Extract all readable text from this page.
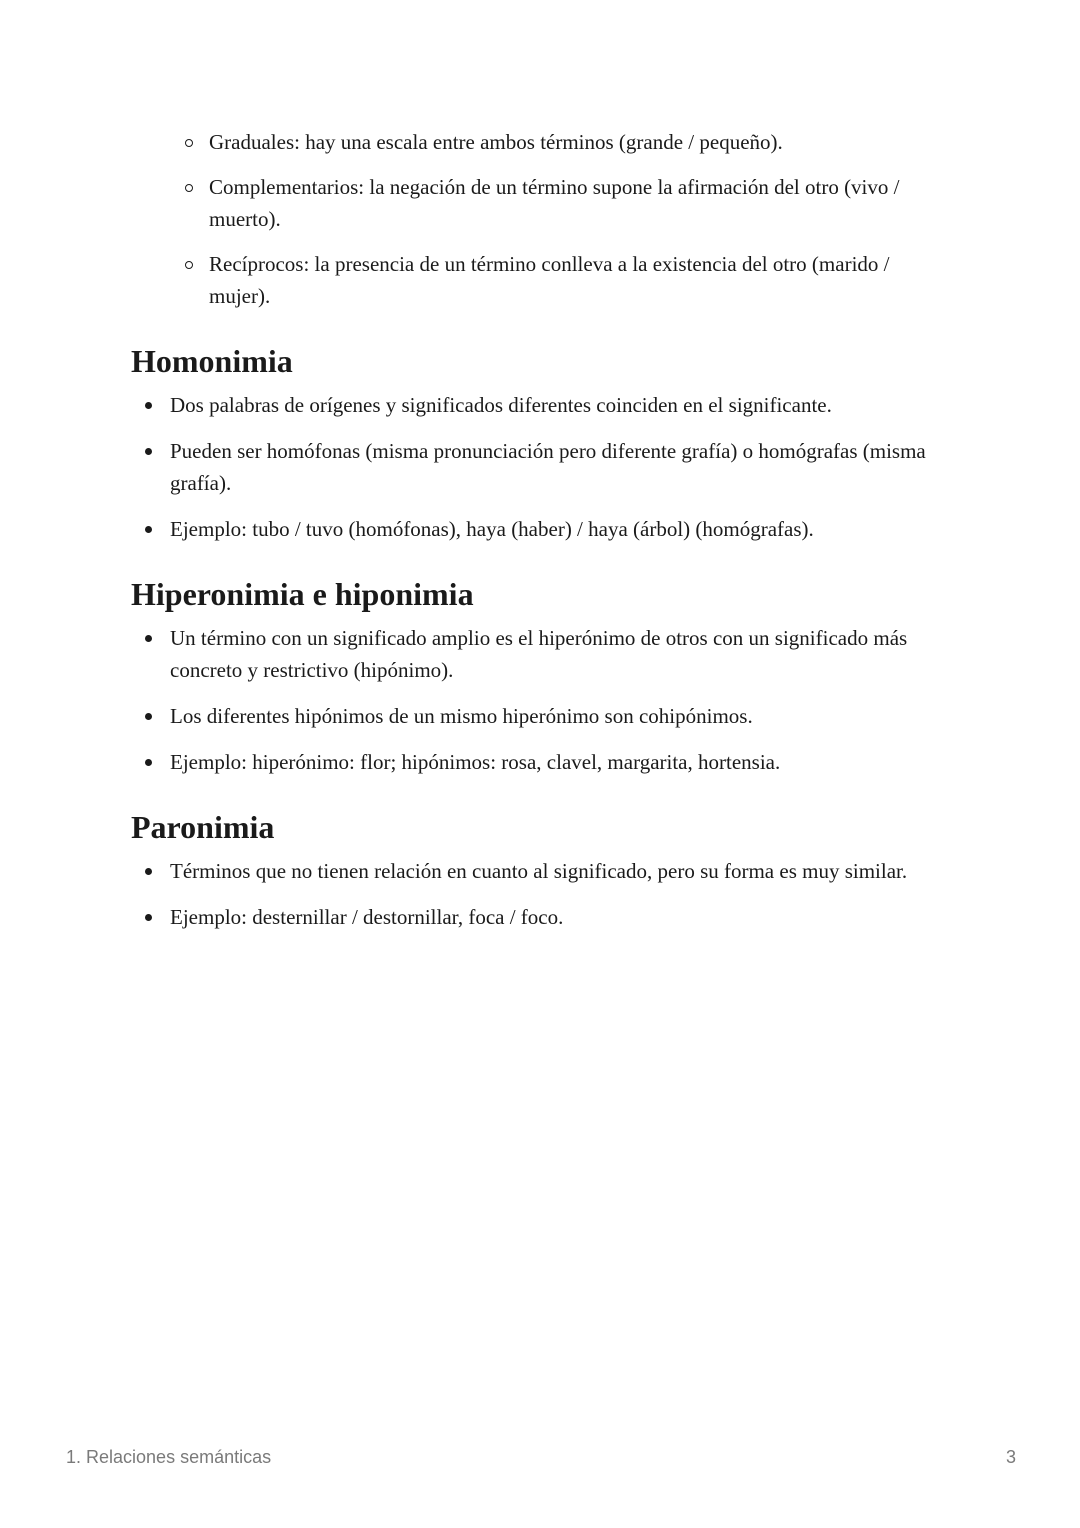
Graduales: hay una escala entre ambos términos (grande / pequeño).
Complementarios: la negación de un término supone la afirmación del otro (vivo / muerto).
Recíprocos: la presencia de un término conlleva a la existencia del otro (marido / mujer).
Homonimia
Dos palabras de orígenes y significados diferentes coinciden en el significante.
Pueden ser homófonas (misma pronunciación pero diferente grafía) o homógrafas (misma grafía).
Ejemplo: tubo / tuvo (homófonas), haya (haber) / haya (árbol) (homógrafas).
Hiperonimia e hiponimia
Un término con un significado amplio es el hiperónimo de otros con un significado más concreto y restrictivo (hipónimo).
Los diferentes hipónimos de un mismo hiperónimo son cohipónimos.
Ejemplo: hiperónimo: flor; hipónimos: rosa, clavel, margarita, hortensia.
Paronimia
Términos que no tienen relación en cuanto al significado, pero su forma es muy similar.
Ejemplo: desternillar / destornillar, foca / foco.
1. Relaciones semánticas	3
